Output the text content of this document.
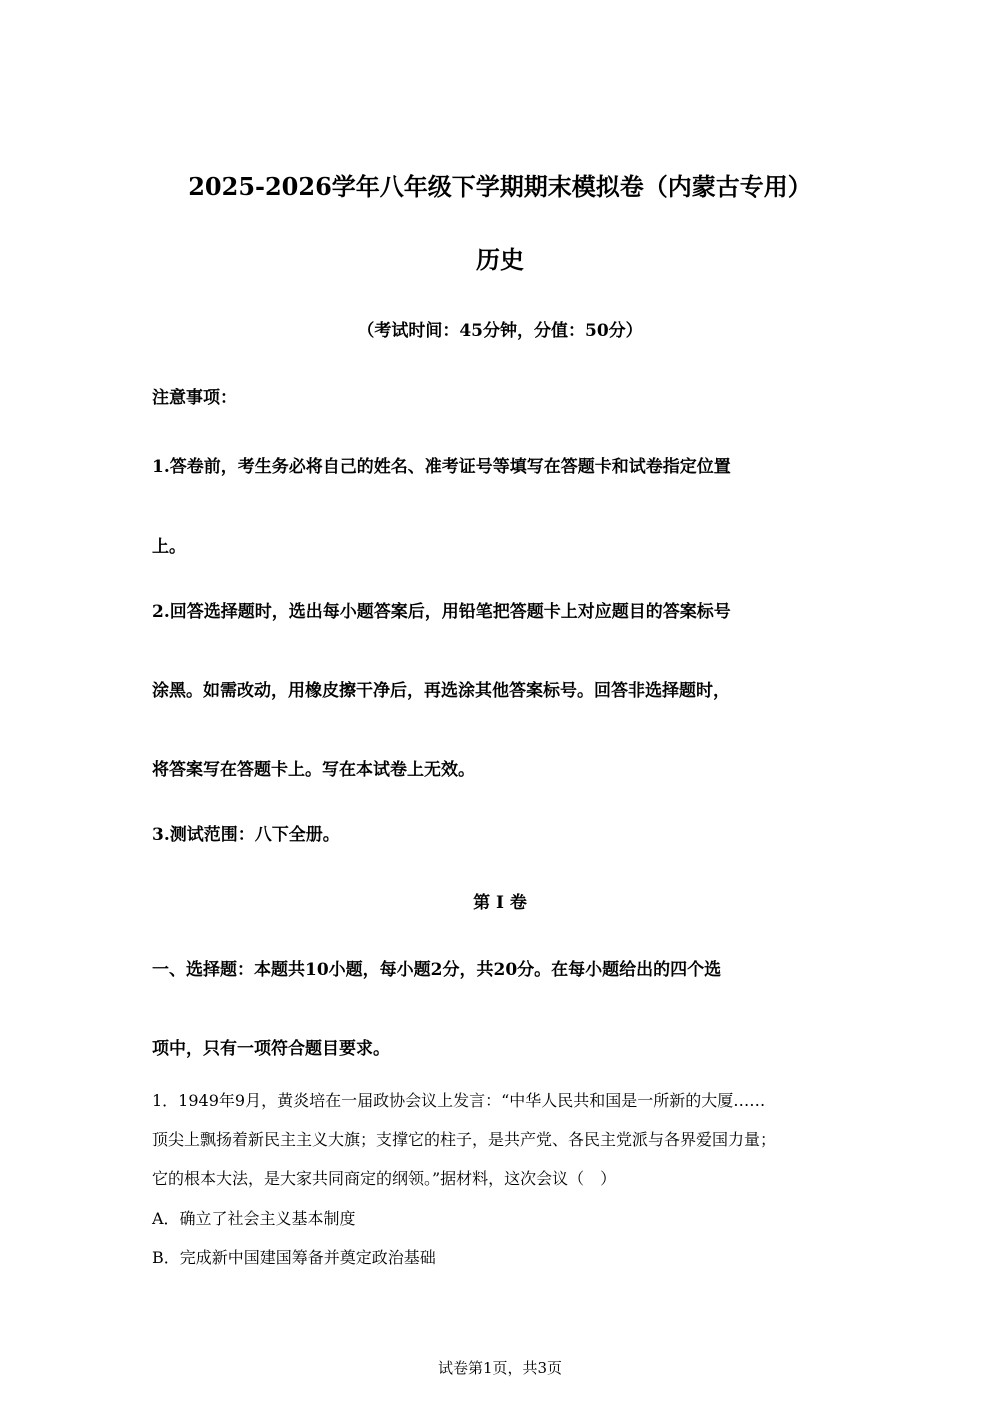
2025-2026学年八年级下学期期末模拟卷（内蒙古专用）
历史
（考试时间：45分钟，分值：50分）
注意事项：
1.答卷前，考生务必将自己的姓名、准考证号等填写在答题卡和试卷指定位置
上。
2.回答选择题时，选出每小题答案后，用铅笔把答题卡上对应题目的答案标号
涂黑。如需改动，用橡皮擦干净后，再选涂其他答案标号。回答非选择题时，
将答案写在答题卡上。写在本试卷上无效。
3.测试范围：八下全册。
第 I 卷
一、选择题：本题共10小题，每小题2分，共20分。在每小题给出的四个选
项中，只有一项符合题目要求。
1．1949年9月，黄炎培在一届政协会议上发言：“中华人民共和国是一所新的大厦……
顶尖上飘扬着新民主主义大旗；支撑它的柱子，是共产党、各民主党派与各界爱国力量；
它的根本大法，是大家共同商定的纲领。”据材料，这次会议（　）
A．确立了社会主义基本制度
B．完成新中国建国筹备并奠定政治基础
试卷第1页，共3页
